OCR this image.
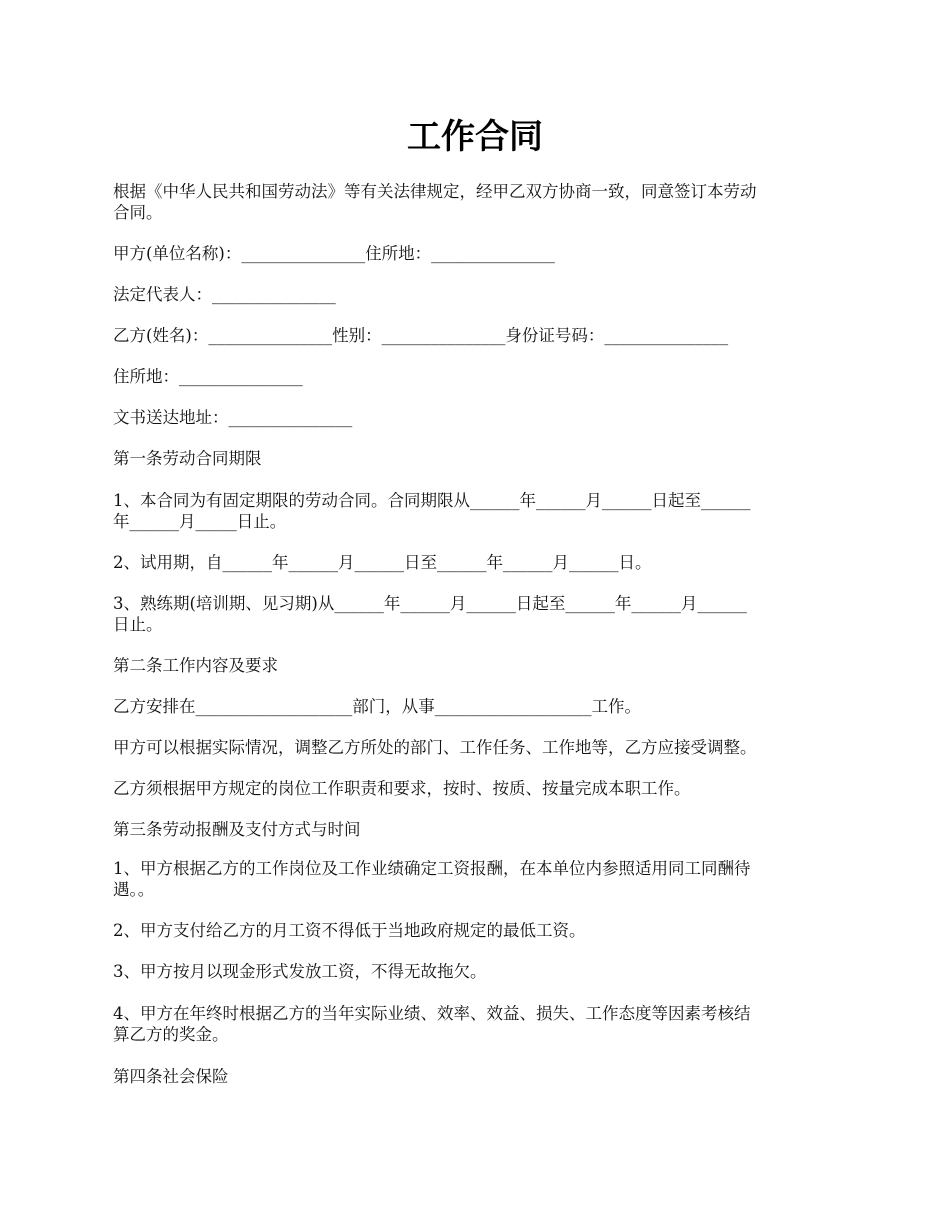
工作合同
根据《中华人民共和国劳动法》等有关法律规定，经甲乙双方协商一致，同意签订本劳动
合同。
甲方(单位名称)：_______________住所地：_______________
法定代表人：_______________
乙方(姓名)：_______________性别：_______________身份证号码：_______________
住所地：_______________
文书送达地址：_______________
第一条劳动合同期限
1、本合同为有固定期限的劳动合同。合同期限从______年______月______日起至______
年______月_____日止。
2、试用期，自______年______月______日至______年______月______日。
3、熟练期(培训期、见习期)从______年______月______日起至______年______月______
日止。
第二条工作内容及要求
乙方安排在___________________部门，从事___________________工作。
甲方可以根据实际情况，调整乙方所处的部门、工作任务、工作地等，乙方应接受调整。
乙方须根据甲方规定的岗位工作职责和要求，按时、按质、按量完成本职工作。
第三条劳动报酬及支付方式与时间
1、甲方根据乙方的工作岗位及工作业绩确定工资报酬，在本单位内参照适用同工同酬待
遇。。
2、甲方支付给乙方的月工资不得低于当地政府规定的最低工资。
3、甲方按月以现金形式发放工资，不得无故拖欠。
4、甲方在年终时根据乙方的当年实际业绩、效率、效益、损失、工作态度等因素考核结
算乙方的奖金。
第四条社会保险
